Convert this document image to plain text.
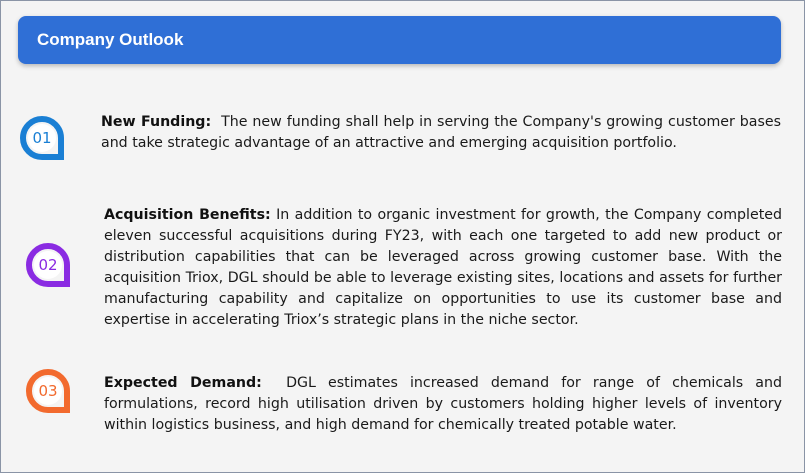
Company Outlook
01
New Funding: The new funding shall help in serving the Company's growing customer bases and take strategic advantage of an attractive and emerging acquisition portfolio.
02
Acquisition Benefits: In addition to organic investment for growth, the Company completed eleven successful acquisitions during FY23, with each one targeted to add new product or distribution capabilities that can be leveraged across growing customer base. With the acquisition Triox, DGL should be able to leverage existing sites, locations and assets for further manufacturing capability and capitalize on opportunities to use its customer base and expertise in accelerating Triox’s strategic plans in the niche sector.
03	Expected Demand: DGL estimates increased demand for range of chemicals and formulations, record high utilisation driven by customers holding higher levels of inventory within logistics business, and high demand for chemically treated potable water.
